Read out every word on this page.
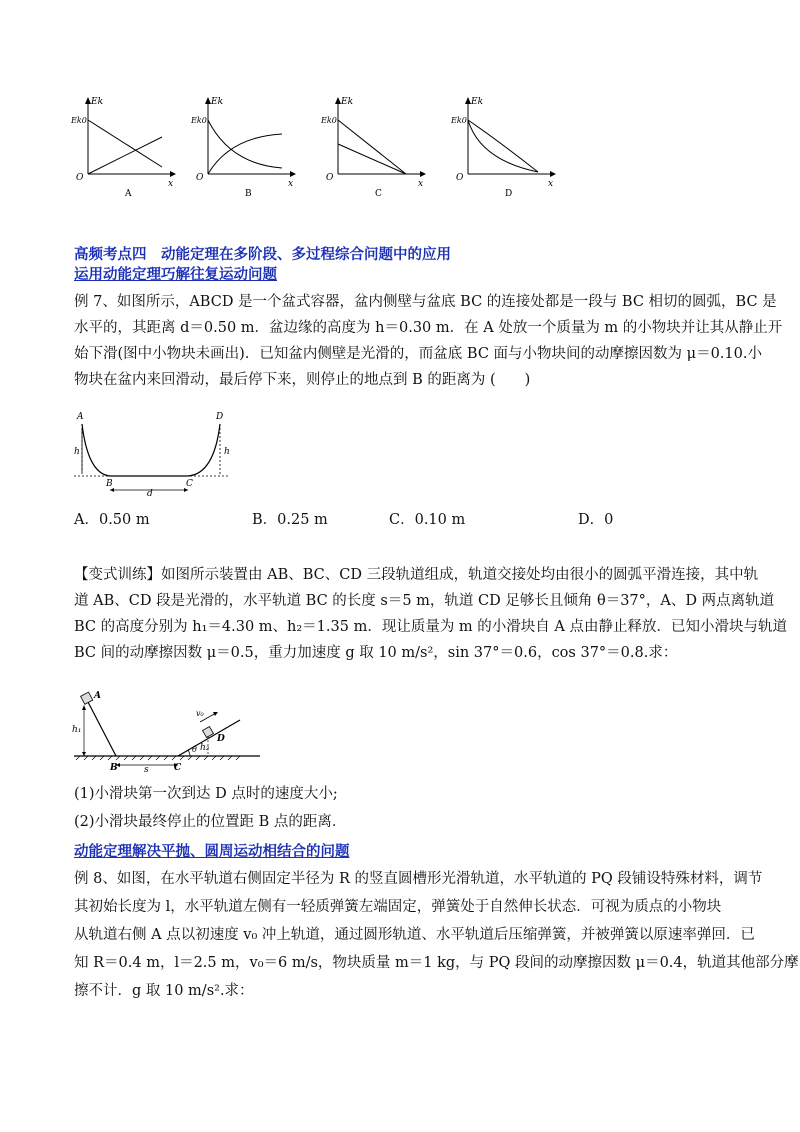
Ek
Ek0
O
x
A
Ek
Ek0
O
x
B
Ek
Ek0
O
x
C
Ek
Ek0
O
x
D
高频考点四　动能定理在多阶段、多过程综合问题中的应用
运用动能定理巧解往复运动问题
例 7、如图所示，ABCD 是一个盆式容器，盆内侧壁与盆底 BC 的连接处都是一段与 BC 相切的圆弧，BC 是
水平的，其距离 d＝0.50 m．盆边缘的高度为 h＝0.30 m．在 A 处放一个质量为 m 的小物块并让其从静止开
始下滑(图中小物块未画出)．已知盆内侧壁是光滑的，而盆底 BC 面与小物块间的动摩擦因数为 μ＝0.10.小
物块在盆内来回滑动，最后停下来，则停止的地点到 B 的距离为 (　　)
A	D
B	C
h	h
d
A．0.50 m	B．0.25 m	C．0.10 m	D．0
【变式训练】如图所示装置由 AB、BC、CD 三段轨道组成，轨道交接处均由很小的圆弧平滑连接，其中轨
道 AB、CD 段是光滑的，水平轨道 BC 的长度 s＝5 m，轨道 CD 足够长且倾角 θ＝37°，A、D 两点离轨道
BC 的高度分别为 h₁＝4.30 m、h₂＝1.35 m．现让质量为 m 的小滑块自 A 点由静止释放．已知小滑块与轨道
BC 间的动摩擦因数 μ＝0.5，重力加速度 g 取 10 m/s²，sin 37°＝0.6，cos 37°＝0.8.求：
A
B	C
D
h₁
h₂
s
θ
v₀
(1)小滑块第一次到达 D 点时的速度大小;
(2)小滑块最终停止的位置距 B 点的距离．
动能定理解决平抛、圆周运动相结合的问题
例 8、如图，在水平轨道右侧固定半径为 R 的竖直圆槽形光滑轨道，水平轨道的 PQ 段铺设特殊材料，调节
其初始长度为 l，水平轨道左侧有一轻质弹簧左端固定，弹簧处于自然伸长状态．可视为质点的小物块
从轨道右侧 A 点以初速度 v₀ 冲上轨道，通过圆形轨道、水平轨道后压缩弹簧，并被弹簧以原速率弹回．已
知 R＝0.4 m，l＝2.5 m，v₀＝6 m/s，物块质量 m＝1 kg，与 PQ 段间的动摩擦因数 μ＝0.4，轨道其他部分摩
擦不计．g 取 10 m/s².求：
